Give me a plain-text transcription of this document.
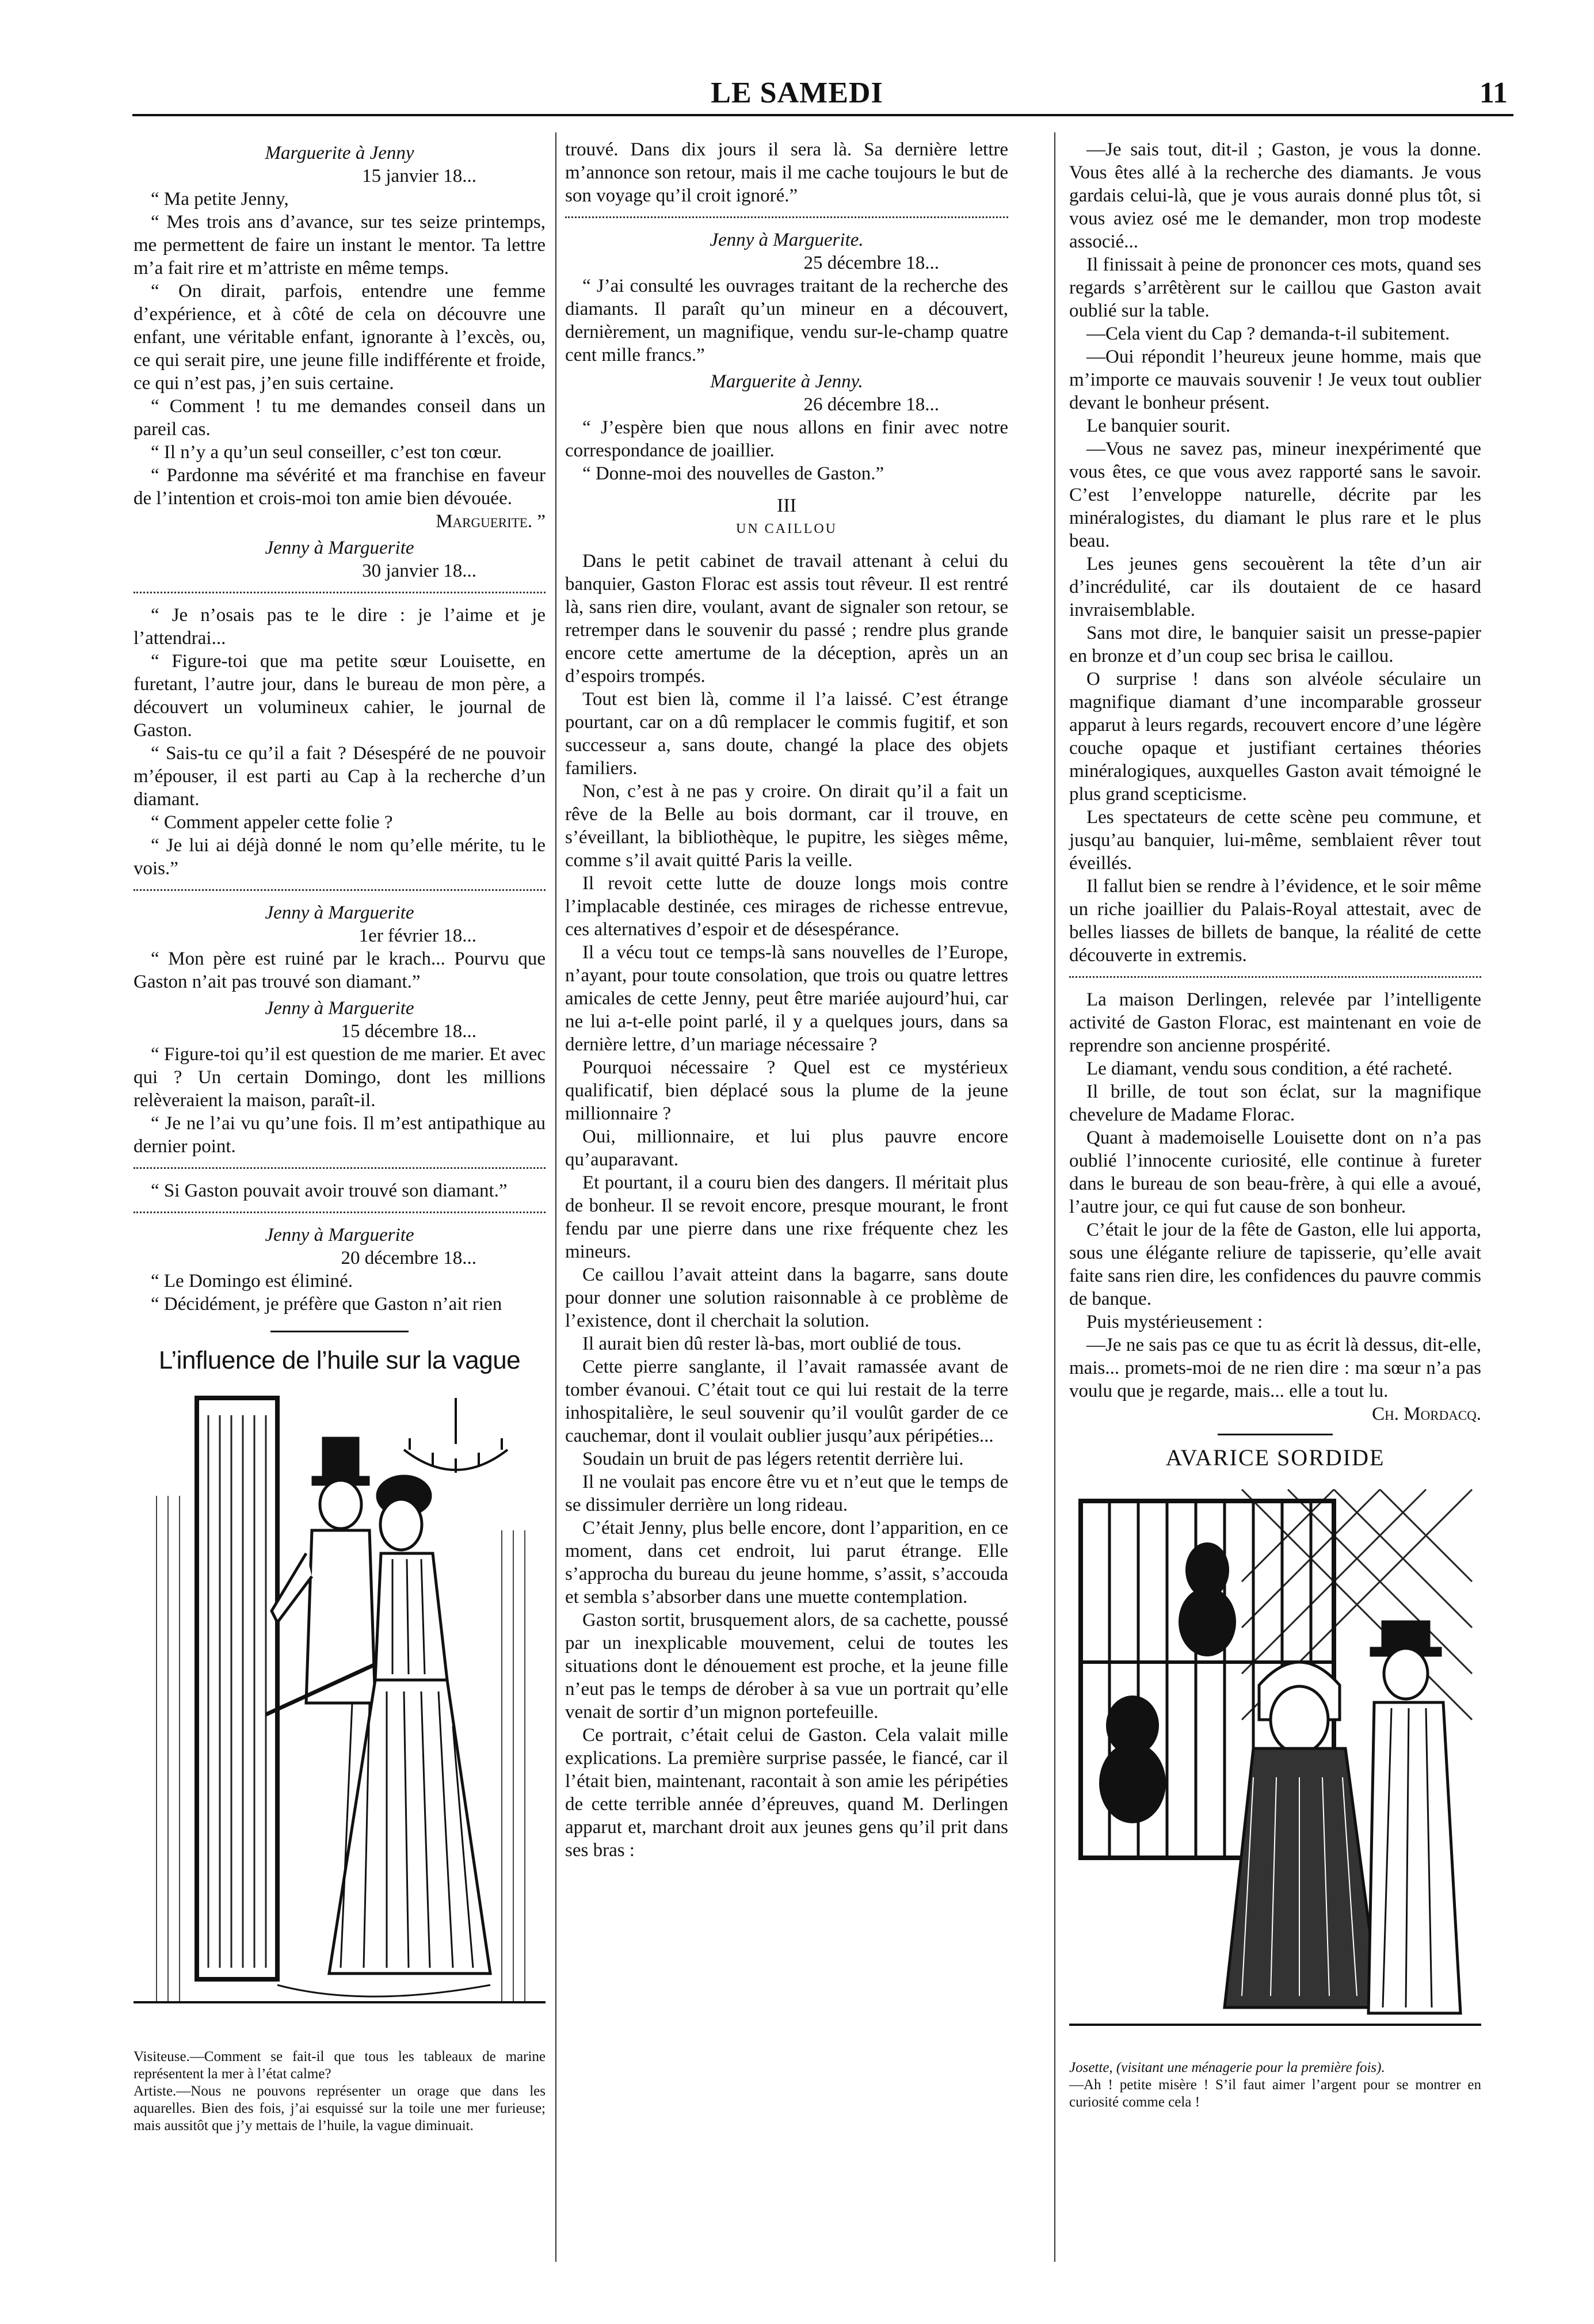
LE SAMEDI	11

Marguerite à Jenny

15 janvier 18...

“ Ma petite Jenny,

“ Mes trois ans d’avance, sur tes seize printemps, me permettent de faire un instant le mentor. Ta lettre m’a fait rire et m’attriste en même temps.

“ On dirait, parfois, entendre une femme d’expérience, et à côté de cela on découvre une enfant, une véritable enfant, ignorante à l’excès, ou, ce qui serait pire, une jeune fille indifférente et froide, ce qui n’est pas, j’en suis certaine.

“ Comment ! tu me demandes conseil dans un pareil cas.

“ Il n’y a qu’un seul conseiller, c’est ton cœur.

“ Pardonne ma sévérité et ma franchise en faveur de l’intention et crois-moi ton amie bien dévouée.

Marguerite. ”

Jenny à Marguerite

30 janvier 18...

“ Je n’osais pas te le dire : je l’aime et je l’attendrai...

“ Figure-toi que ma petite sœur Louisette, en furetant, l’autre jour, dans le bureau de mon père, a découvert un volumineux cahier, le journal de Gaston.

“ Sais-tu ce qu’il a fait ? Désespéré de ne pouvoir m’épouser, il est parti au Cap à la recherche d’un diamant.

“ Comment appeler cette folie ?

“ Je lui ai déjà donné le nom qu’elle mérite, tu le vois.”

Jenny à Marguerite

1er février 18...

“ Mon père est ruiné par le krach... Pourvu que Gaston n’ait pas trouvé son diamant.”

Jenny à Marguerite

15 décembre 18...

“ Figure-toi qu’il est question de me marier. Et avec qui ? Un certain Domingo, dont les millions relèveraient la maison, paraît-il.

“ Je ne l’ai vu qu’une fois. Il m’est antipathique au dernier point.

“ Si Gaston pouvait avoir trouvé son diamant.”

Jenny à Marguerite

20 décembre 18...

“ Le Domingo est éliminé.

“ Décidément, je préfère que Gaston n’ait rien

L’influence de l’huile sur la vague

Visiteuse.—Comment se fait-il que tous les tableaux de marine représentent la mer à l’état calme?

Artiste.—Nous ne pouvons représenter un orage que dans les aquarelles. Bien des fois, j’ai esquissé sur la toile une mer furieuse; mais aussitôt que j’y mettais de l’huile, la vague diminuait.

trouvé. Dans dix jours il sera là. Sa dernière lettre m’annonce son retour, mais il me cache toujours le but de son voyage qu’il croit ignoré.”

Jenny à Marguerite.

25 décembre 18...

“ J’ai consulté les ouvrages traitant de la recherche des diamants. Il paraît qu’un mineur en a découvert, dernièrement, un magnifique, vendu sur-le-champ quatre cent mille francs.”

Marguerite à Jenny.

26 décembre 18...

“ J’espère bien que nous allons en finir avec notre correspondance de joaillier.

“ Donne-moi des nouvelles de Gaston.”

III

UN CAILLOU

Dans le petit cabinet de travail attenant à celui du banquier, Gaston Florac est assis tout rêveur. Il est rentré là, sans rien dire, voulant, avant de signaler son retour, se retremper dans le souvenir du passé ; rendre plus grande encore cette amertume de la déception, après un an d’espoirs trompés.

Tout est bien là, comme il l’a laissé. C’est étrange pourtant, car on a dû remplacer le commis fugitif, et son successeur a, sans doute, changé la place des objets familiers.

Non, c’est à ne pas y croire. On dirait qu’il a fait un rêve de la Belle au bois dormant, car il trouve, en s’éveillant, la bibliothèque, le pupitre, les sièges même, comme s’il avait quitté Paris la veille.

Il revoit cette lutte de douze longs mois contre l’implacable destinée, ces mirages de richesse entrevue, ces alternatives d’espoir et de désespérance.

Il a vécu tout ce temps-là sans nouvelles de l’Europe, n’ayant, pour toute consolation, que trois ou quatre lettres amicales de cette Jenny, peut être mariée aujourd’hui, car ne lui a-t-elle point parlé, il y a quelques jours, dans sa dernière lettre, d’un mariage nécessaire ?

Pourquoi nécessaire ? Quel est ce mystérieux qualificatif, bien déplacé sous la plume de la jeune millionnaire ?

Oui, millionnaire, et lui plus pauvre encore qu’auparavant.

Et pourtant, il a couru bien des dangers. Il méritait plus de bonheur. Il se revoit encore, presque mourant, le front fendu par une pierre dans une rixe fréquente chez les mineurs.

Ce caillou l’avait atteint dans la bagarre, sans doute pour donner une solution raisonnable à ce problème de l’existence, dont il cherchait la solution.

Il aurait bien dû rester là-bas, mort oublié de tous.

Cette pierre sanglante, il l’avait ramassée avant de tomber évanoui. C’était tout ce qui lui restait de la terre inhospitalière, le seul souvenir qu’il voulût garder de ce cauchemar, dont il voulait oublier jusqu’aux péripéties...

Soudain un bruit de pas légers retentit derrière lui.

Il ne voulait pas encore être vu et n’eut que le temps de se dissimuler derrière un long rideau.

C’était Jenny, plus belle encore, dont l’apparition, en ce moment, dans cet endroit, lui parut étrange. Elle s’approcha du bureau du jeune homme, s’assit, s’accouda et sembla s’absorber dans une muette contemplation.

Gaston sortit, brusquement alors, de sa cachette, poussé par un inexplicable mouvement, celui de toutes les situations dont le dénouement est proche, et la jeune fille n’eut pas le temps de dérober à sa vue un portrait qu’elle venait de sortir d’un mignon portefeuille.

Ce portrait, c’était celui de Gaston. Cela valait mille explications. La première surprise passée, le fiancé, car il l’était bien, maintenant, racontait à son amie les péripéties de cette terrible année d’épreuves, quand M. Derlingen apparut et, marchant droit aux jeunes gens qu’il prit dans ses bras :

—Je sais tout, dit-il ; Gaston, je vous la donne. Vous êtes allé à la recherche des diamants. Je vous gardais celui-là, que je vous aurais donné plus tôt, si vous aviez osé me le demander, mon trop modeste associé...

Il finissait à peine de prononcer ces mots, quand ses regards s’arrêtèrent sur le caillou que Gaston avait oublié sur la table.

—Cela vient du Cap ? demanda-t-il subitement.

—Oui répondit l’heureux jeune homme, mais que m’importe ce mauvais souvenir ! Je veux tout oublier devant le bonheur présent.

Le banquier sourit.

—Vous ne savez pas, mineur inexpérimenté que vous êtes, ce que vous avez rapporté sans le savoir. C’est l’enveloppe naturelle, décrite par les minéralogistes, du diamant le plus rare et le plus beau.

Les jeunes gens secouèrent la tête d’un air d’incrédulité, car ils doutaient de ce hasard invraisemblable.

Sans mot dire, le banquier saisit un presse-papier en bronze et d’un coup sec brisa le caillou.

O surprise ! dans son alvéole séculaire un magnifique diamant d’une incomparable grosseur apparut à leurs regards, recouvert encore d’une légère couche opaque et justifiant certaines théories minéralogiques, auxquelles Gaston avait témoigné le plus grand scepticisme.

Les spectateurs de cette scène peu commune, et jusqu’au banquier, lui-même, semblaient rêver tout éveillés.

Il fallut bien se rendre à l’évidence, et le soir même un riche joaillier du Palais-Royal attestait, avec de belles liasses de billets de banque, la réalité de cette découverte in extremis.

La maison Derlingen, relevée par l’intelligente activité de Gaston Florac, est maintenant en voie de reprendre son ancienne prospérité.

Le diamant, vendu sous condition, a été racheté.

Il brille, de tout son éclat, sur la magnifique chevelure de Madame Florac.

Quant à mademoiselle Louisette dont on n’a pas oublié l’innocente curiosité, elle continue à fureter dans le bureau de son beau-frère, à qui elle a avoué, l’autre jour, ce qui fut cause de son bonheur.

C’était le jour de la fête de Gaston, elle lui apporta, sous une élégante reliure de tapisserie, qu’elle avait faite sans rien dire, les confidences du pauvre commis de banque.

Puis mystérieusement :

—Je ne sais pas ce que tu as écrit là dessus, dit-elle, mais... promets-moi de ne rien dire : ma sœur n’a pas voulu que je regarde, mais... elle a tout lu.

Ch. Mordacq.

AVARICE SORDIDE

Josette, (visitant une ménagerie pour la première fois).

—Ah ! petite misère ! S’il faut aimer l’argent pour se montrer en curiosité comme cela !
